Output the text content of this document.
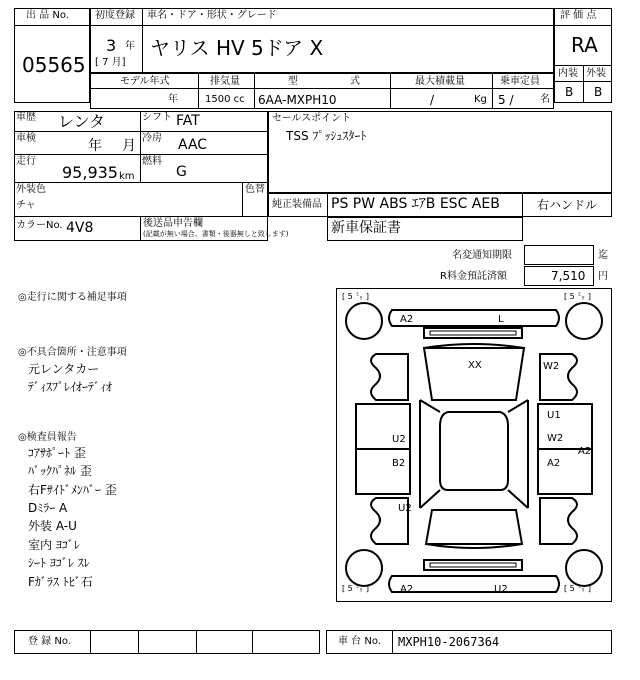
出 品 No.
05565
初度登録 車名・ドア・形状・グレード
3 年
[ 7 月]
ヤリス HV 5ドア X
評 価 点
RA
内装 外装
B B
モデル年式
年
排気量
1500 cc
型	式
6AA-MXPH10
最大積載量
/	Kg
乗車定員
5 /	名
車歴 レンタ	シフト FAT
車検	年 月 冷房 AAC
走行
95,935 km
燃料
G
外装色
チャ
色替
カラーNo. 4V8	後送品申告欄
(記載が無い場合、書類・後器無しと致します)
セールスポイント
TSS ﾌﾟｯｼｭｽﾀｰﾄ
純正装備品 PS PW ABS ｴｱB ESC AEB	右ハンドル
新車保証書
名変通知期限	迄
R料金預託済額	7,510 円
◎走行に関する補足事項
◎不具合箇所・注意事項
元レンタカー
ﾃﾞｨｽﾌﾟﾚｲｵｰﾃﾞｨｵ
◎検査員報告
ｺｱｻﾎﾟｰﾄ 歪
ﾊﾞｯｸﾊﾟﾈﾙ 歪
右Fｻｲﾄﾞﾒﾝﾊﾞｰ 歪
Dﾐﾗｰ A
外装 A-U
室内 ﾖｺﾞﾚ
ｼｰﾄ ﾖｺﾞﾚ ｽﾚ
Fｶﾞﾗｽ ﾄﾋﾞ石
[ 5 ㍉ ]	[ 5 ㍉ ]
[ 5 ㍉ ]	[ 5 ㍉ ]
A2	L
XX	W2
U1
W2
U2
B2	A2
A2
U2
A2	U2
登 録 No.	車 台 No. MXPH10-2067364
